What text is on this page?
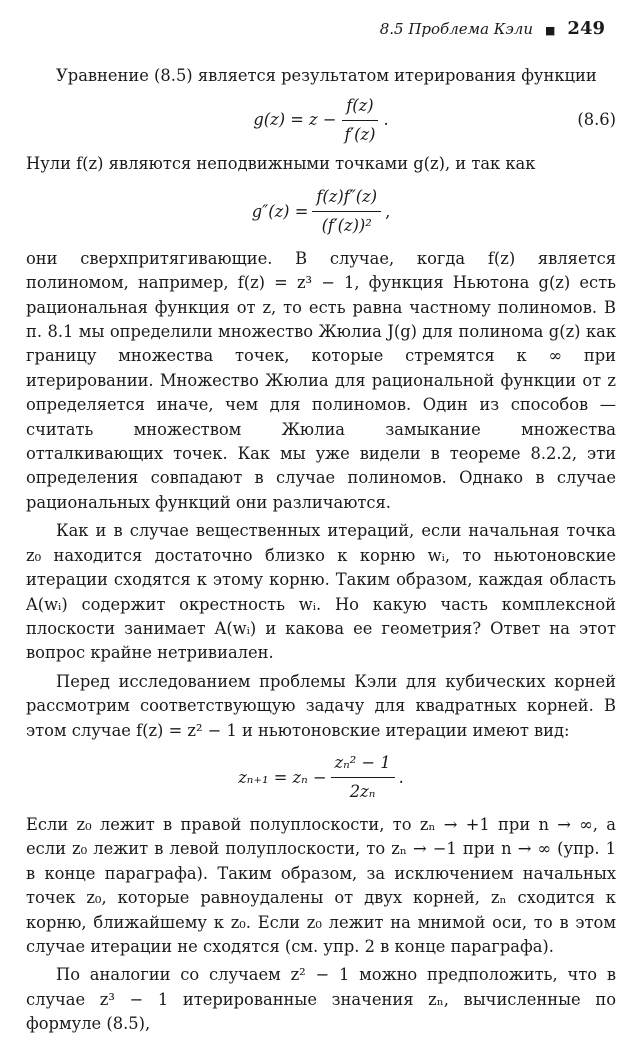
8.5 Проблема Кэли ■ 249

Уравнение (8.5) является результатом итерирования функции

$g(z) = z - \frac{f(z)}{f'(z)}$ .	(8.6)

Нули f(z) являются неподвижными точками g(z), и так как

$g''(z) = \frac{f(z)f''(z)}{\text{(f′(z))²}}$ ,

они сверхпритягивающие. В случае, когда f(z) является полиномом, например, f(z) = z³ − 1, функция Ньютона g(z) есть рациональная функция от z, то есть равна частному полиномов. В п. 8.1 мы определили множество Жюлиа J(g) для полинома g(z) как границу множества точек, которые стремятся к ∞ при итерировании. Множество Жюлиа для рациональной функции от z определяется иначе, чем для полиномов. Один из способов — считать множеством Жюлиа замыкание множества отталкивающих точек. Как мы уже видели в теореме 8.2.2, эти определения совпадают в случае полиномов. Однако в случае рациональных функций они различаются.

Как и в случае вещественных итераций, если начальная точка z₀ находится достаточно близко к корню wᵢ, то ньютоновские итерации сходятся к этому корню. Таким образом, каждая область A(wᵢ) содержит окрестность wᵢ. Но какую часть комплексной плоскости занимает A(wᵢ) и какова ее геометрия? Ответ на этот вопрос крайне нетривиален.

Перед исследованием проблемы Кэли для кубических корней рассмотрим соответствующую задачу для квадратных корней. В этом случае f(z) = z² − 1 и ньютоновские итерации имеют вид:

$z_{n+1} = z_n - \frac{\text{zₙ² − 1}}{\text{2zₙ}}$ .

Если z₀ лежит в правой полуплоскости, то zₙ → +1 при n → ∞, а если z₀ лежит в левой полуплоскости, то zₙ → −1 при n → ∞ (упр. 1 в конце параграфа). Таким образом, за исключением начальных точек z₀, которые равноудалены от двух корней, zₙ сходится к корню, ближайшему к z₀. Если z₀ лежит на мнимой оси, то в этом случае итерации не сходятся (см. упр. 2 в конце параграфа).

По аналогии со случаем z² − 1 можно предположить, что в случае z³ − 1 итерированные значения zₙ, вычисленные по формуле (8.5),
